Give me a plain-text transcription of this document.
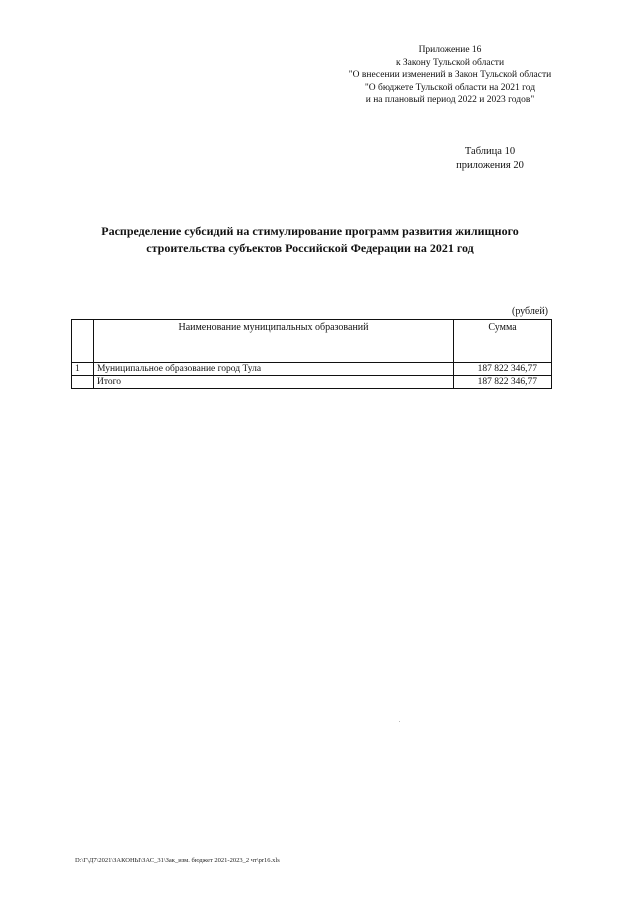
Приложение 16
к Закону Тульской области
"О внесении изменений в Закон Тульской области
"О бюджете Тульской области на 2021 год
и на плановый период 2022 и 2023 годов"
Таблица 10
приложения 20
Распределение субсидий на стимулирование программ развития жилищного
строительства субъектов Российской Федерации на 2021 год
(рублей)
	Наименование муниципальных образований	Сумма
1	Муниципальное образование город Тула	187 822 346,77
	Итого	187 822 346,77
D:\Г\Д7\2021\ЗАКОНЫ\ЗАС_31\Зак_изм. бюджет 2021-2023_2 чт\pr16.xls
